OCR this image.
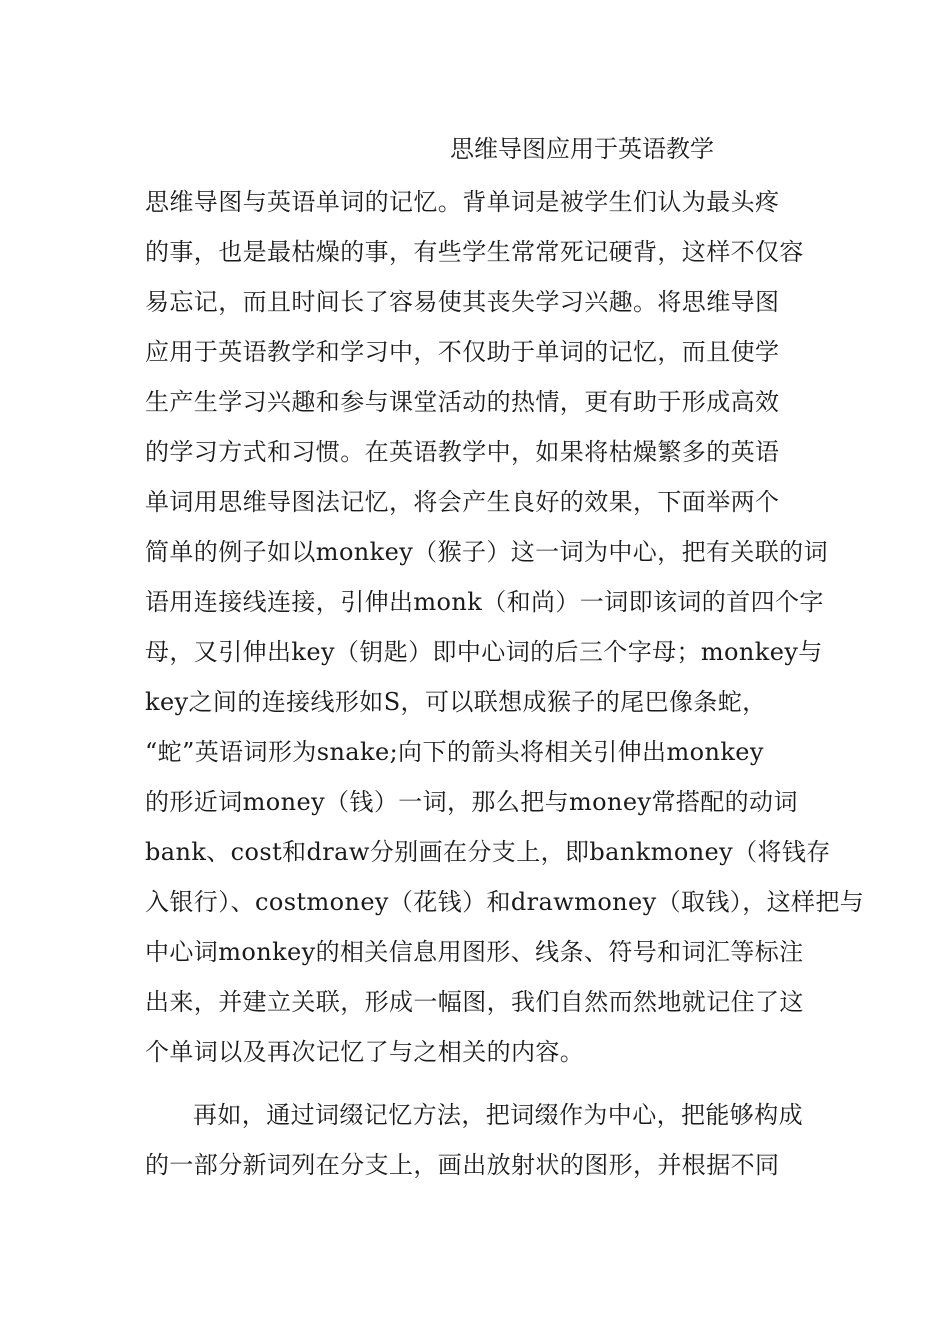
思维导图应用于英语教学
思维导图与英语单词的记忆。背单词是被学生们认为最头疼
的事，也是最枯燥的事，有些学生常常死记硬背，这样不仅容
易忘记，而且时间长了容易使其丧失学习兴趣。将思维导图
应用于英语教学和学习中，不仅助于单词的记忆，而且使学
生产生学习兴趣和参与课堂活动的热情，更有助于形成高效
的学习方式和习惯。在英语教学中，如果将枯燥繁多的英语
单词用思维导图法记忆，将会产生良好的效果，下面举两个
简单的例子如以monkey（猴子）这一词为中心，把有关联的词
语用连接线连接，引伸出monk（和尚）一词即该词的首四个字
母，又引伸出key（钥匙）即中心词的后三个字母；monkey与
key之间的连接线形如S，可以联想成猴子的尾巴像条蛇，
“蛇”英语词形为snake;向下的箭头将相关引伸出monkey
的形近词money（钱）一词，那么把与money常搭配的动词
bank、cost和draw分别画在分支上，即bankmoney（将钱存
入银行）、costmoney（花钱）和drawmoney（取钱），这样把与
中心词monkey的相关信息用图形、线条、符号和词汇等标注
出来，并建立关联，形成一幅图，我们自然而然地就记住了这
个单词以及再次记忆了与之相关的内容。
再如，通过词缀记忆方法，把词缀作为中心，把能够构成
的一部分新词列在分支上，画出放射状的图形，并根据不同
